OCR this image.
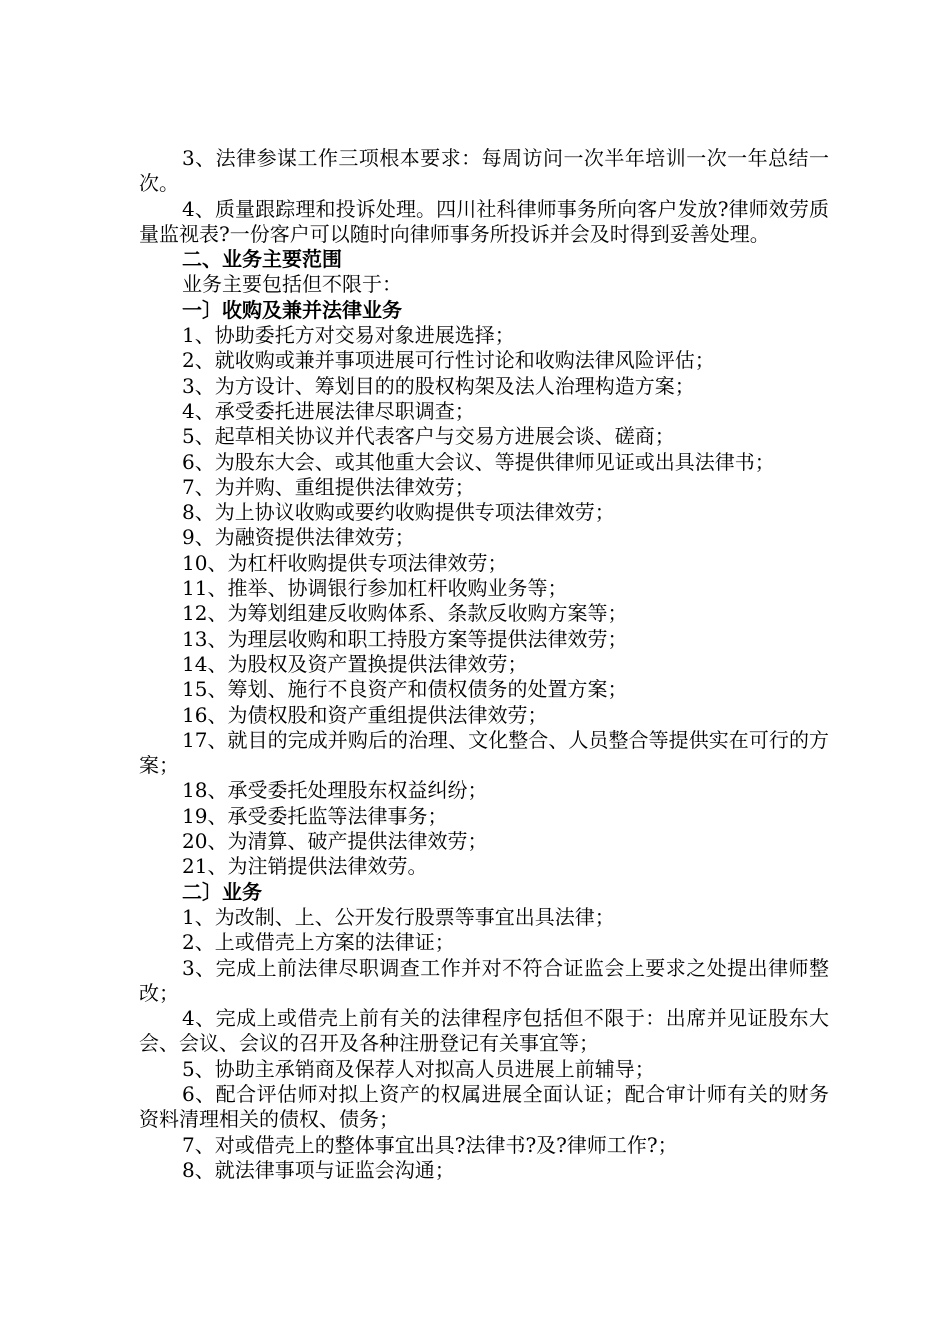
3、法律参谋工作三项根本要求：每周访问一次半年培训一次一年总结一次。

4、质量跟踪理和投诉处理。四川社科律师事务所向客户发放?律师效劳质量监视表?一份客户可以随时向律师事务所投诉并会及时得到妥善处理。

二、业务主要范围

业务主要包括但不限于：

一〕收购及兼并法律业务

1、协助委托方对交易对象进展选择；

2、就收购或兼并事项进展可行性讨论和收购法律风险评估；

3、为方设计、筹划目的的股权构架及法人治理构造方案；

4、承受委托进展法律尽职调查；

5、起草相关协议并代表客户与交易方进展会谈、磋商；

6、为股东大会、或其他重大会议、等提供律师见证或出具法律书；

7、为并购、重组提供法律效劳；

8、为上协议收购或要约收购提供专项法律效劳；

9、为融资提供法律效劳；

10、为杠杆收购提供专项法律效劳；

11、推举、协调银行参加杠杆收购业务等；

12、为筹划组建反收购体系、条款反收购方案等；

13、为理层收购和职工持股方案等提供法律效劳；

14、为股权及资产置换提供法律效劳；

15、筹划、施行不良资产和债权债务的处置方案；

16、为债权股和资产重组提供法律效劳；

17、就目的完成并购后的治理、文化整合、人员整合等提供实在可行的方案；

18、承受委托处理股东权益纠纷；

19、承受委托监等法律事务；

20、为清算、破产提供法律效劳；

21、为注销提供法律效劳。

二〕业务

1、为改制、上、公开发行股票等事宜出具法律；

2、上或借壳上方案的法律证；

3、完成上前法律尽职调查工作并对不符合证监会上要求之处提出律师整改；

4、完成上或借壳上前有关的法律程序包括但不限于：出席并见证股东大会、会议、会议的召开及各种注册登记有关事宜等；

5、协助主承销商及保荐人对拟高人员进展上前辅导；

6、配合评估师对拟上资产的权属进展全面认证；配合审计师有关的财务资料清理相关的债权、债务；

7、对或借壳上的整体事宜出具?法律书?及?律师工作?；

8、就法律事项与证监会沟通；
